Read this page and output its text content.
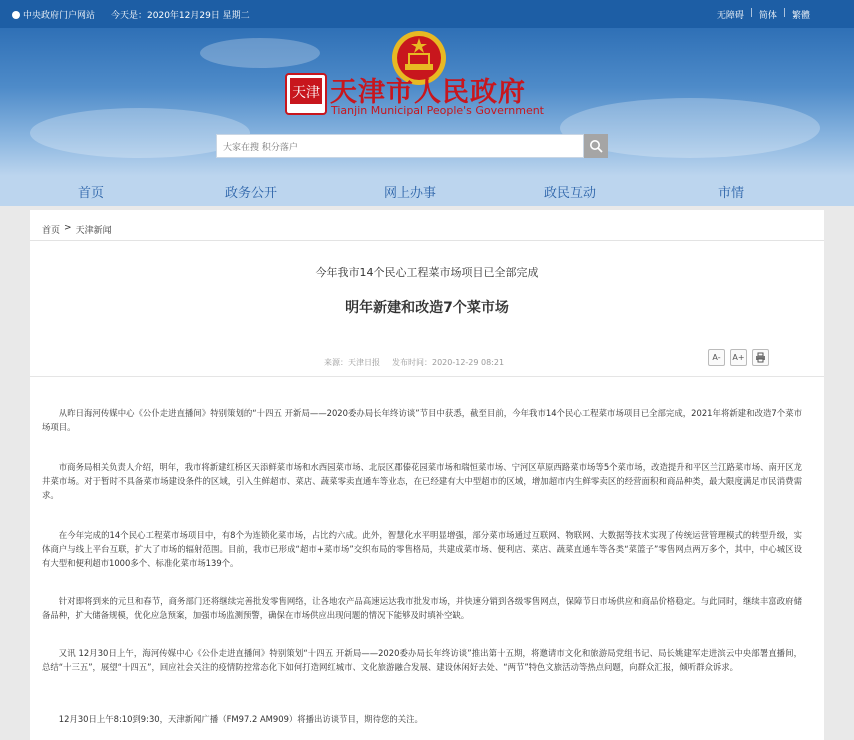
中央政府门户网站 今天是：2020年12月29日 星期二	无障碍 | 简体 | 繁體
天津 天津市人民政府
Tianjin Municipal People's Government
大家在搜 积分落户
首页	政务公开	网上办事	政民互动	市情
首页 > 天津新闻
今年我市14个民心工程菜市场项目已全部完成
明年新建和改造7个菜市场
来源：天津日报 发布时间：2020-12-29 08:21
A-	A+

从昨日海河传媒中心《公仆走进直播间》特别策划的“十四五 开新局——2020委办局长年终访谈”节目中获悉，截至目前，今年我市14个民心工程菜市场项目已全部完成，2021年将新建和改造7个菜市场项目。

市商务局相关负责人介绍，明年，我市将新建红桥区天添鲜菜市场和水西园菜市场、北辰区郡傣花园菜市场和瑞恒菜市场、宁河区草原西路菜市场等5个菜市场，改造提升和平区兰江路菜市场、南开区龙井菜市场。对于暂时不具备菜市场建设条件的区域，引入生鲜超市、菜店、蔬菜零卖直通车等业态，在已经建有大中型超市的区域，增加超市内生鲜零卖区的经营面积和商品种类，最大限度满足市民消费需求。

在今年完成的14个民心工程菜市场项目中，有8个为连锁化菜市场，占比约六成。此外，智慧化水平明显增强，部分菜市场通过互联网、物联网、大数据等技术实现了传统运营管理模式的转型升级，实体商户与线上平台互联，扩大了市场的辐射范围。目前，我市已形成“超市+菜市场”交织布局的零售格局，共建成菜市场、便利店、菜店、蔬菜直通车等各类“菜篮子”零售网点两万多个，其中，中心城区设有大型和便利超市1000多个、标准化菜市场139个。

针对即将到来的元旦和春节，商务部门还将继续完善批发零售网络，让各地农产品高速运达我市批发市场，并快速分销到各级零售网点，保障节日市场供应和商品价格稳定。与此同时，继续丰富政府储备品种，扩大储备规模，优化应急预案，加强市场监测预警，确保在市场供应出现问题的情况下能够及时填补空缺。

又讯 12月30日上午，海河传媒中心《公仆走进直播间》特别策划“十四五 开新局——2020委办局长年终访谈”推出第十五期，将邀请市文化和旅游局党组书记、局长姚建军走进滨云中央部署直播间，总结“十三五”，展望“十四五”，回应社会关注的疫情防控常态化下如何打造网红城市、文化旅游融合发展、建设休闲好去处、“两节”特色文旅活动等热点问题，向群众汇报，倾听群众诉求。

12月30日上午8:10到9:30，天津新闻广播（FM97.2 AM909）将播出访谈节目，期待您的关注。
